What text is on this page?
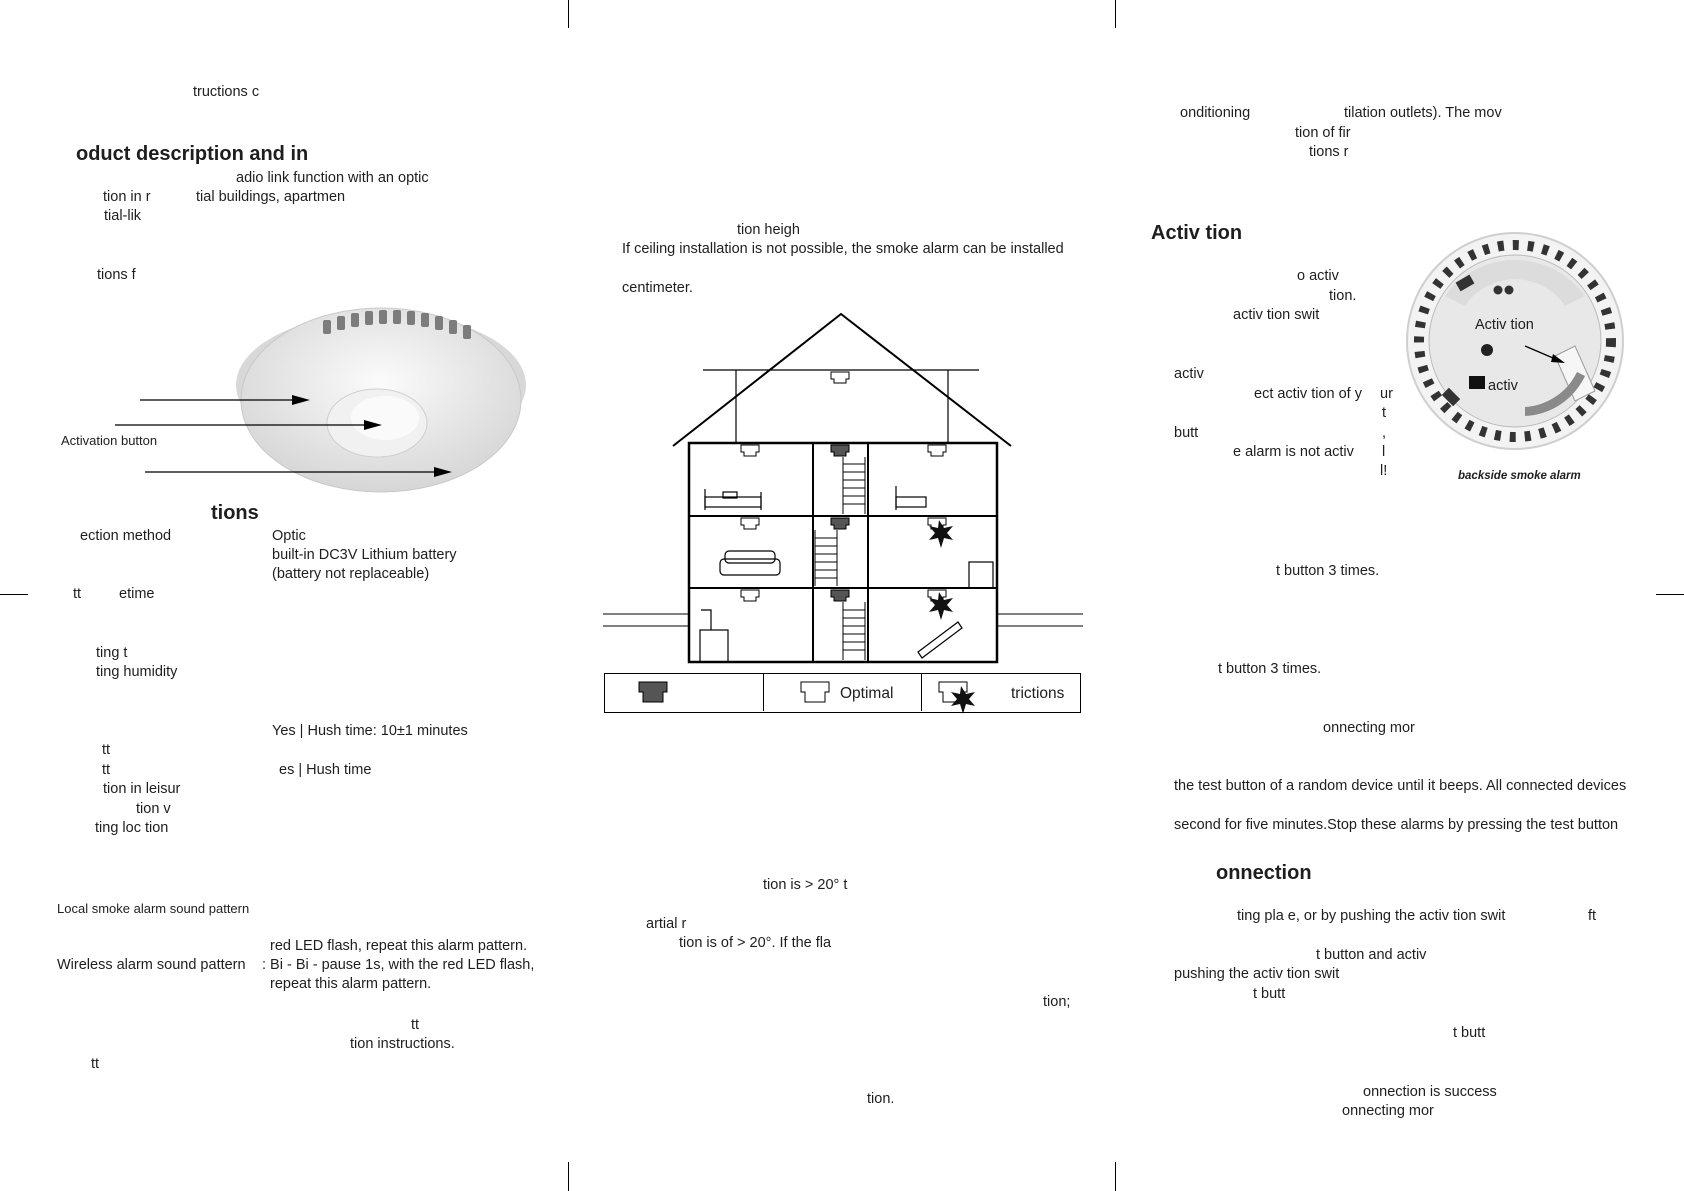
tructions c
oduct description and in
adio link function with an optic
tion in r	tial buildings, apartmen
tial-lik
tions f
Activation button
tions
ection method	Optic
built-in DC3V Lithium battery
(battery not replaceable)
tt	etime
ting t
ting humidity
Yes | Hush time: 10±1 minutes
tt
tt	es | Hush time
tion in leisur
tion v
ting loc tion
Local smoke alarm sound pattern
red LED flash, repeat this alarm pattern.
Wireless alarm sound pattern : Bi - Bi - pause 1s, with the red LED flash,
repeat this alarm pattern.
tt
tion instructions.
tt
tion heigh
If ceiling installation is not possible, the smoke alarm can be installed
centimeter.
Optimal	trictions
tion is > 20° t
artial r
tion is of > 20°. If the fla
tion;
tion.
onditioning	tilation outlets). The mov
tion of fir
tions r
Activ tion
o activ
tion.
activ tion swit
activ
ect activ tion of y ur
t
butt	,
e alarm is not activ l
l!
Activ tion
activ
backside smoke alarm
t button 3 times.
t button 3 times.
onnecting mor
the test button of a random device until it beeps. All connected devices
second for five minutes.Stop these alarms by pressing the test button
onnection
ting pla e, or by pushing the activ tion swit	ft
t button and activ
pushing the activ tion swit
t butt
t butt
onnection is success
onnecting mor
